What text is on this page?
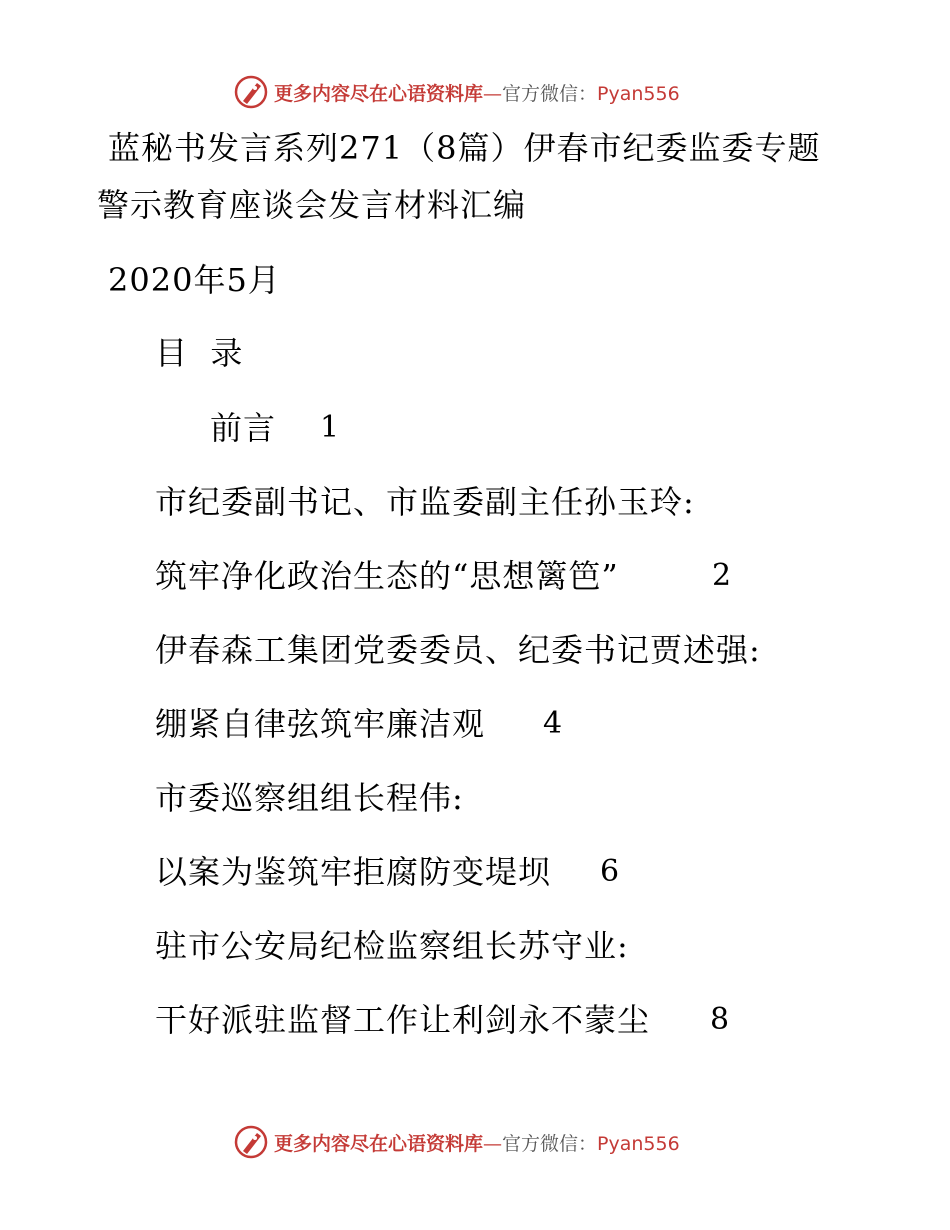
更多内容尽在心语资料库—官方微信：Pyan556
蓝秘书发言系列271（8篇）伊春市纪委监委专题
警示教育座谈会发言材料汇编
2020年5月
目  录
前言 1
市纪委副书记、市监委副主任孙玉玲:
筑牢净化政治生态的“思想篱笆”	2
伊春森工集团党委委员、纪委书记贾述强:
绷紧自律弦筑牢廉洁观 4
市委巡察组组长程伟:
以案为鉴筑牢拒腐防变堤坝 6
驻市公安局纪检监察组长苏守业:
干好派驻监督工作让利剑永不蒙尘 8
更多内容尽在心语资料库—官方微信：Pyan556
